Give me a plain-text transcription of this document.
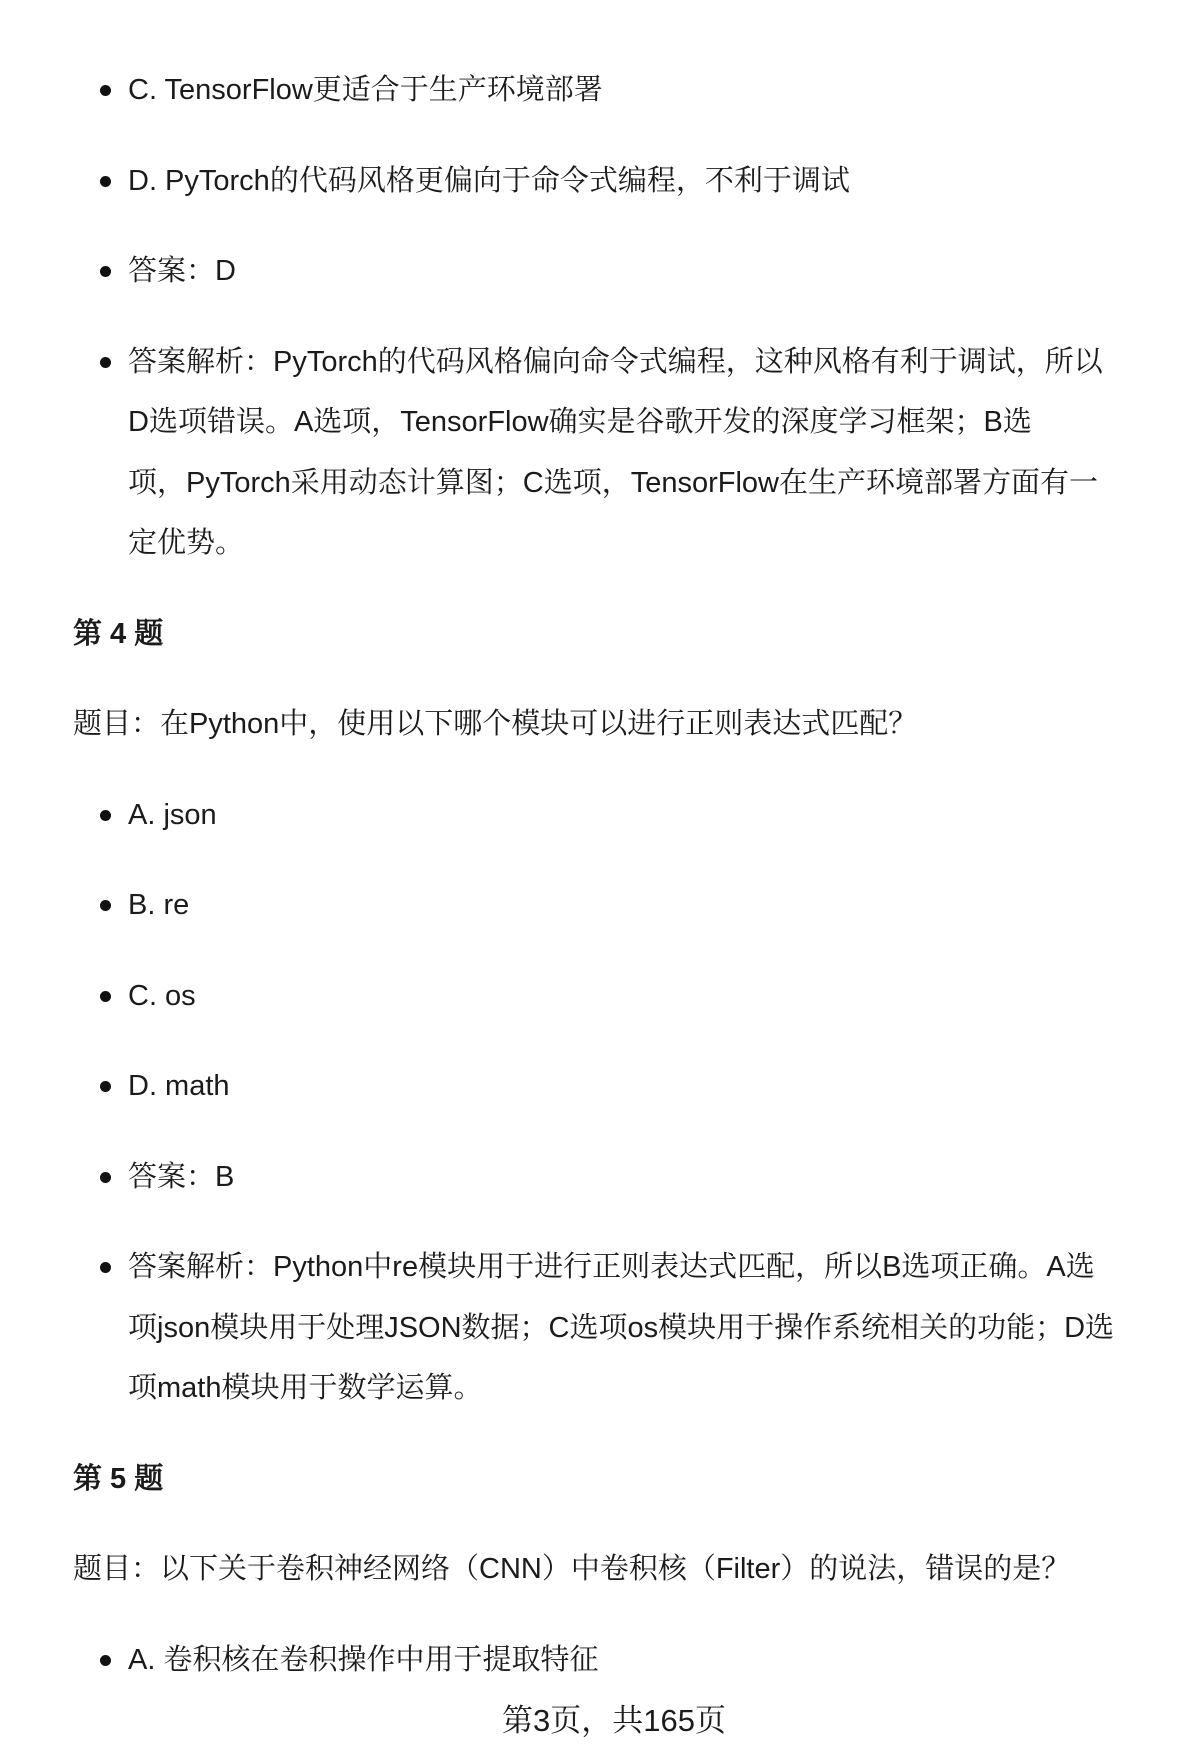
C. TensorFlow更适合于生产环境部署
D. PyTorch的代码风格更偏向于命令式编程，不利于调试
答案：D
答案解析：PyTorch的代码风格偏向命令式编程，这种风格有利于调试，所以
D选项错误。A选项，TensorFlow确实是谷歌开发的深度学习框架；B选
项，PyTorch采用动态计算图；C选项，TensorFlow在生产环境部署方面有一
定优势。
第 4 题
题目：在Python中，使用以下哪个模块可以进行正则表达式匹配？
A. json
B. re
C. os
D. math
答案：B
答案解析：Python中re模块用于进行正则表达式匹配，所以B选项正确。A选
项json模块用于处理JSON数据；C选项os模块用于操作系统相关的功能；D选
项math模块用于数学运算。
第 5 题
题目：以下关于卷积神经网络（CNN）中卷积核（Filter）的说法，错误的是？
A. 卷积核在卷积操作中用于提取特征
第3页，共165页
